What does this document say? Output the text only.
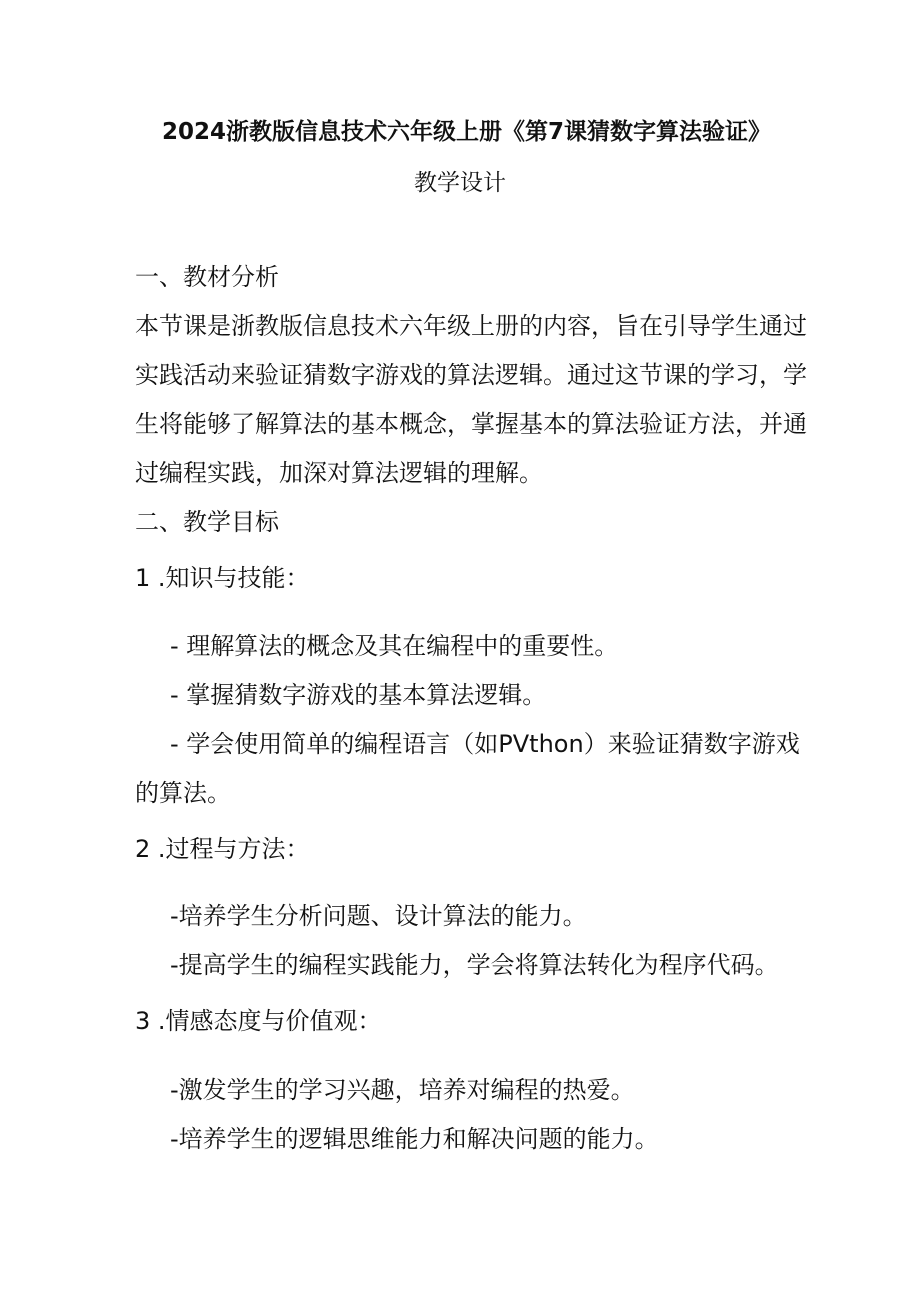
2024浙教版信息技术六年级上册《第7课猜数字算法验证》
教学设计
一、教材分析
本节课是浙教版信息技术六年级上册的内容，旨在引导学生通过
实践活动来验证猜数字游戏的算法逻辑。通过这节课的学习，学
生将能够了解算法的基本概念，掌握基本的算法验证方法，并通
过编程实践，加深对算法逻辑的理解。
二、教学目标
1 .知识与技能：
- 理解算法的概念及其在编程中的重要性。
- 掌握猜数字游戏的基本算法逻辑。
- 学会使用简单的编程语言（如PVthon）来验证猜数字游戏
的算法。
2 .过程与方法：
-培养学生分析问题、设计算法的能力。
-提高学生的编程实践能力，学会将算法转化为程序代码。
3 .情感态度与价值观：
-激发学生的学习兴趣，培养对编程的热爱。
-培养学生的逻辑思维能力和解决问题的能力。
